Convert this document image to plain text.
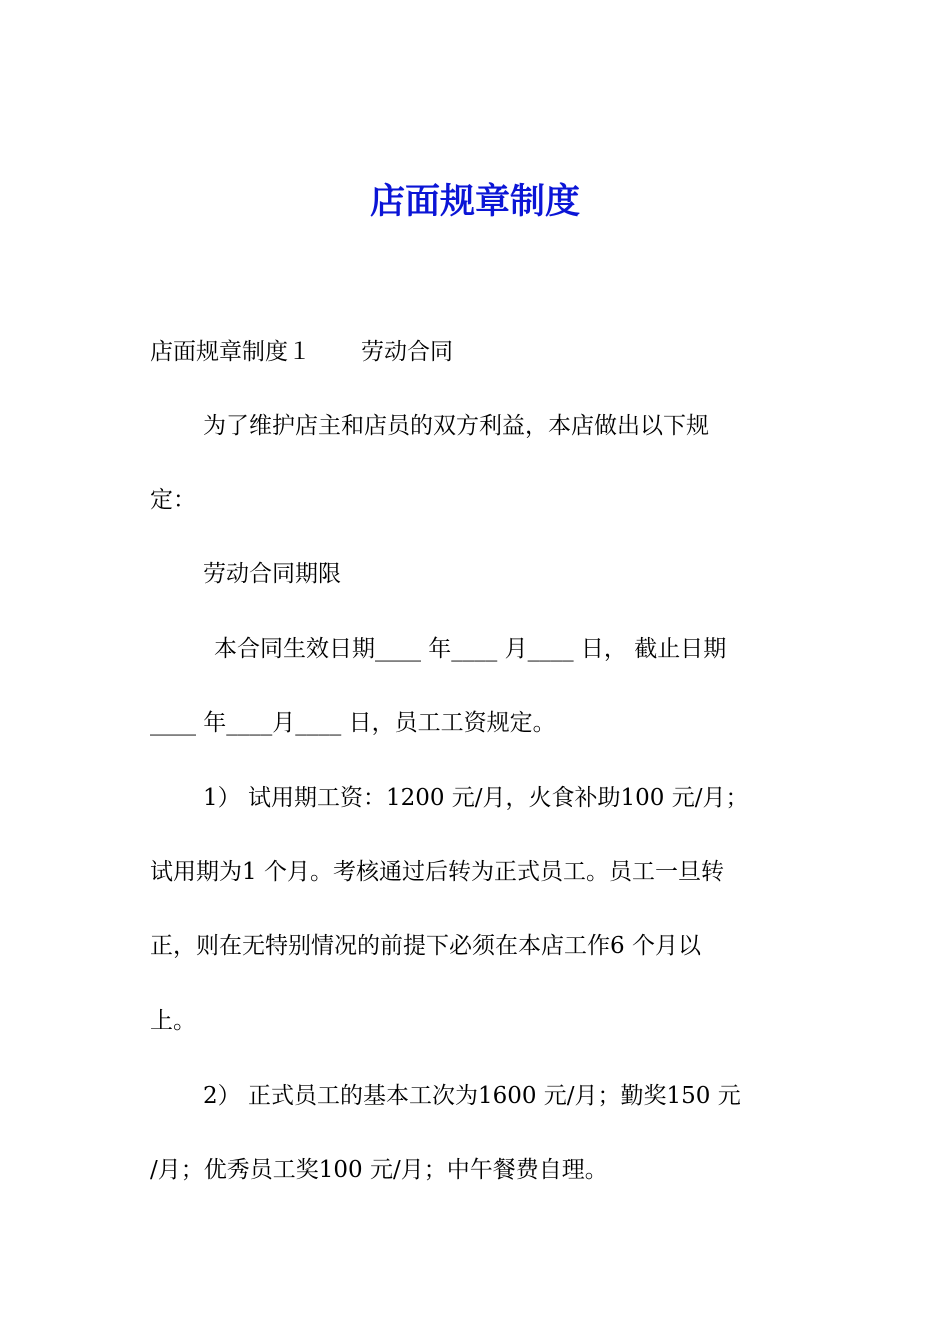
店面规章制度
店面规章制度１ 劳动合同
为了维护店主和店员的双方利益，本店做出以下规
定：
劳动合同期限
本合同生效日期____ 年____ 月____ 日， 截止日期
____ 年____月____ 日，员工工资规定。
1） 试用期工资：1200 元/月，火食补助100 元/月；
试用期为1 个月。考核通过后转为正式员工。员工一旦转
正，则在无特别情况的前提下必须在本店工作6 个月以
上。
2） 正式员工的基本工次为1600 元/月；勤奖150 元
/月；优秀员工奖100 元/月；中午餐费自理。
